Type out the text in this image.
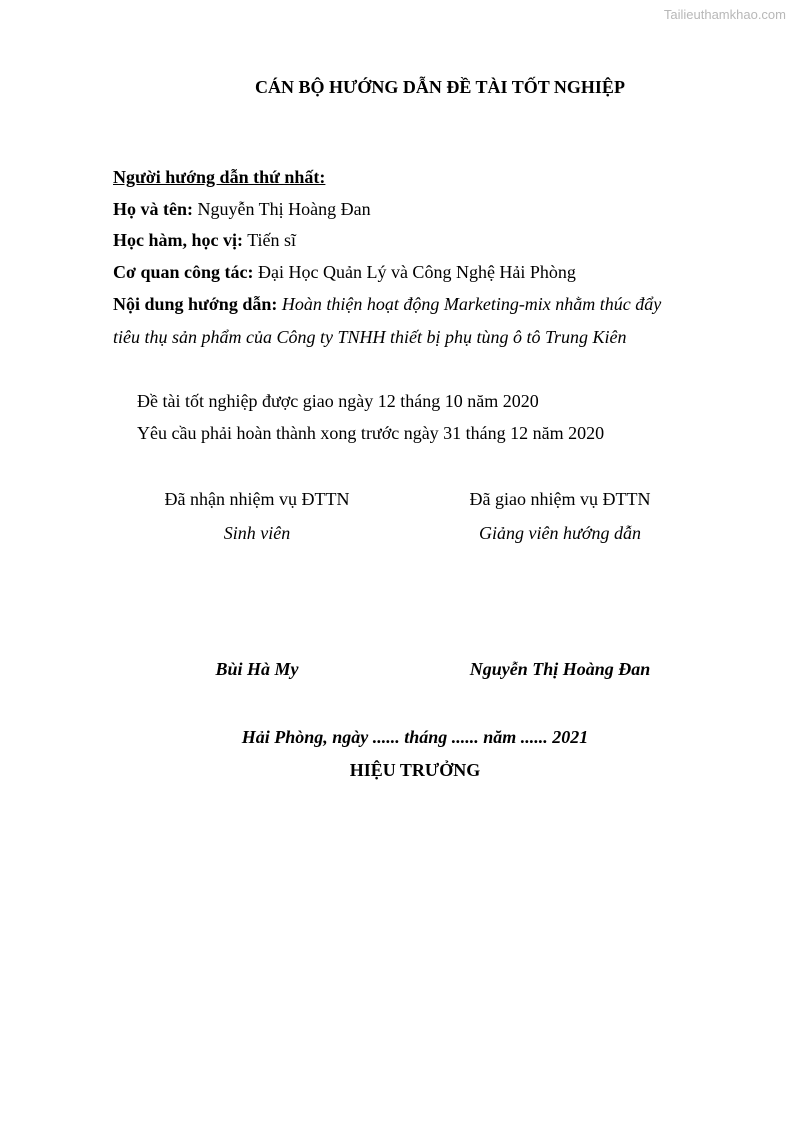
Tailieuthamkhao.com
CÁN BỘ HƯỚNG DẪN ĐỀ TÀI TỐT NGHIỆP
Người hướng dẫn thứ nhất:
Họ và tên: Nguyễn Thị Hoàng Đan
Học hàm, học vị: Tiến sĩ
Cơ quan công tác: Đại Học Quản Lý và Công Nghệ Hải Phòng
Nội dung hướng dẫn: Hoàn thiện hoạt động Marketing-mix nhằm thúc đẩy
tiêu thụ sản phẩm của Công ty TNHH thiết bị phụ tùng ô tô Trung Kiên
Đề tài tốt nghiệp được giao ngày 12 tháng 10 năm 2020
Yêu cầu phải hoàn thành xong trước ngày 31 tháng 12 năm 2020
Đã nhận nhiệm vụ ĐTTN
Sinh viên
Bùi Hà My
Đã giao nhiệm vụ ĐTTN
Giảng viên hướng dẫn
Nguyễn Thị Hoàng Đan
Hải Phòng, ngày ...... tháng ...... năm ...... 2021
HIỆU TRƯỞNG
